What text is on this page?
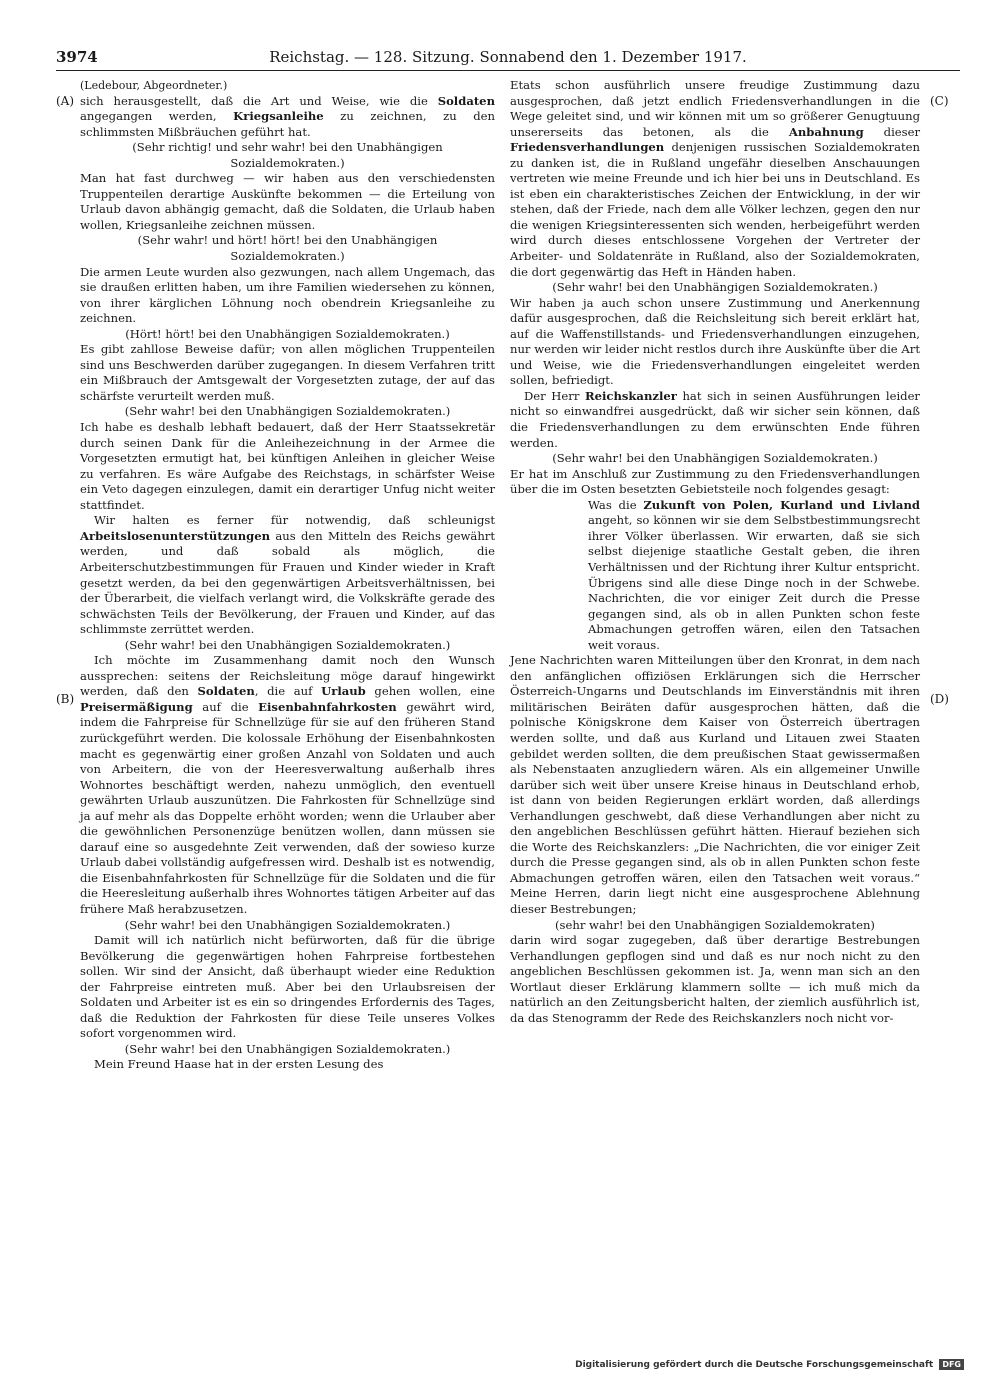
3974	Reichstag. — 128. Sitzung. Sonnabend den 1. Dezember 1917.
(A)
(B)
(C)
(D)

(Ledebour, Abgeordneter.)

sich herausgestellt, daß die Art und Weise, wie die Soldaten angegangen werden, Kriegsanleihe zu zeichnen, zu den schlimmsten Mißbräuchen geführt hat.

(Sehr richtig! und sehr wahr! bei den Unabhängigen Sozialdemokraten.)

Man hat fast durchweg — wir haben aus den verschiedensten Truppenteilen derartige Auskünfte bekommen — die Erteilung von Urlaub davon abhängig gemacht, daß die Soldaten, die Urlaub haben wollen, Kriegsanleihe zeichnen müssen.

(Sehr wahr! und hört! hört! bei den Unabhängigen Sozialdemokraten.)

Die armen Leute wurden also gezwungen, nach allem Ungemach, das sie draußen erlitten haben, um ihre Familien wiedersehen zu können, von ihrer kärglichen Löhnung noch obendrein Kriegsanleihe zu zeichnen.

(Hört! hört! bei den Unabhängigen Sozialdemokraten.)

Es gibt zahllose Beweise dafür; von allen möglichen Truppenteilen sind uns Beschwerden darüber zugegangen. In diesem Verfahren tritt ein Mißbrauch der Amtsgewalt der Vorgesetzten zutage, der auf das schärfste verurteilt werden muß.

(Sehr wahr! bei den Unabhängigen Sozialdemokraten.)

Ich habe es deshalb lebhaft bedauert, daß der Herr Staatssekretär durch seinen Dank für die Anleihezeichnung in der Armee die Vorgesetzten ermutigt hat, bei künftigen Anleihen in gleicher Weise zu verfahren. Es wäre Aufgabe des Reichstags, in schärfster Weise ein Veto dagegen einzulegen, damit ein derartiger Unfug nicht weiter stattfindet.

Wir halten es ferner für notwendig, daß schleunigst Arbeitslosenunterstützungen aus den Mitteln des Reichs gewährt werden, und daß sobald als möglich, die Arbeiterschutzbestimmungen für Frauen und Kinder wieder in Kraft gesetzt werden, da bei den gegenwärtigen Arbeitsverhältnissen, bei der Überarbeit, die vielfach verlangt wird, die Volkskräfte gerade des schwächsten Teils der Bevölkerung, der Frauen und Kinder, auf das schlimmste zerrüttet werden.

(Sehr wahr! bei den Unabhängigen Sozialdemokraten.)

Ich möchte im Zusammenhang damit noch den Wunsch aussprechen: seitens der Reichsleitung möge darauf hingewirkt werden, daß den Soldaten, die auf Urlaub gehen wollen, eine Preisermäßigung auf die Eisenbahnfahrkosten gewährt wird, indem die Fahrpreise für Schnellzüge für sie auf den früheren Stand zurückgeführt werden. Die kolossale Erhöhung der Eisenbahnkosten macht es gegenwärtig einer großen Anzahl von Soldaten und auch von Arbeitern, die von der Heeresverwaltung außerhalb ihres Wohnortes beschäftigt werden, nahezu unmöglich, den eventuell gewährten Urlaub auszunützen. Die Fahrkosten für Schnellzüge sind ja auf mehr als das Doppelte erhöht worden; wenn die Urlauber aber die gewöhnlichen Personenzüge benützen wollen, dann müssen sie darauf eine so ausgedehnte Zeit verwenden, daß der sowieso kurze Urlaub dabei vollständig aufgefressen wird. Deshalb ist es notwendig, die Eisenbahnfahrkosten für Schnellzüge für die Soldaten und die für die Heeresleitung außerhalb ihres Wohnortes tätigen Arbeiter auf das frühere Maß herabzusetzen.

(Sehr wahr! bei den Unabhängigen Sozialdemokraten.)

Damit will ich natürlich nicht befürworten, daß für die übrige Bevölkerung die gegenwärtigen hohen Fahrpreise fortbestehen sollen. Wir sind der Ansicht, daß überhaupt wieder eine Reduktion der Fahrpreise eintreten muß. Aber bei den Urlaubsreisen der Soldaten und Arbeiter ist es ein so dringendes Erfordernis des Tages, daß die Reduktion der Fahrkosten für diese Teile unseres Volkes sofort vorgenommen wird.

(Sehr wahr! bei den Unabhängigen Sozialdemokraten.)

Mein Freund Haase hat in der ersten Lesung des

Etats schon ausführlich unsere freudige Zustimmung dazu ausgesprochen, daß jetzt endlich Friedensverhandlungen in die Wege geleitet sind, und wir können mit um so größerer Genugtuung unsererseits das betonen, als die Anbahnung dieser Friedensverhandlungen denjenigen russischen Sozialdemokraten zu danken ist, die in Rußland ungefähr dieselben Anschauungen vertreten wie meine Freunde und ich hier bei uns in Deutschland. Es ist eben ein charakteristisches Zeichen der Entwicklung, in der wir stehen, daß der Friede, nach dem alle Völker lechzen, gegen den nur die wenigen Kriegsinteressenten sich wenden, herbeigeführt werden wird durch dieses entschlossene Vorgehen der Vertreter der Arbeiter- und Soldatenräte in Rußland, also der Sozialdemokraten, die dort gegenwärtig das Heft in Händen haben.

(Sehr wahr! bei den Unabhängigen Sozialdemokraten.)

Wir haben ja auch schon unsere Zustimmung und Anerkennung dafür ausgesprochen, daß die Reichsleitung sich bereit erklärt hat, auf die Waffenstillstands- und Friedensverhandlungen einzugehen, nur werden wir leider nicht restlos durch ihre Auskünfte über die Art und Weise, wie die Friedensverhandlungen eingeleitet werden sollen, befriedigt.

Der Herr Reichskanzler hat sich in seinen Ausführungen leider nicht so einwandfrei ausgedrückt, daß wir sicher sein können, daß die Friedensverhandlungen zu dem erwünschten Ende führen werden.

(Sehr wahr! bei den Unabhängigen Sozialdemokraten.)

Er hat im Anschluß zur Zustimmung zu den Friedensverhandlungen über die im Osten besetzten Gebietsteile noch folgendes gesagt:

Was die Zukunft von Polen, Kurland und Livland angeht, so können wir sie dem Selbstbestimmungsrecht ihrer Völker überlassen. Wir erwarten, daß sie sich selbst diejenige staatliche Gestalt geben, die ihren Verhältnissen und der Richtung ihrer Kultur entspricht. Übrigens sind alle diese Dinge noch in der Schwebe. Nachrichten, die vor einiger Zeit durch die Presse gegangen sind, als ob in allen Punkten schon feste Abmachungen getroffen wären, eilen den Tatsachen weit voraus.

Jene Nachrichten waren Mitteilungen über den Kronrat, in dem nach den anfänglichen offiziösen Erklärungen sich die Herrscher Österreich-Ungarns und Deutschlands im Einverständnis mit ihren militärischen Beiräten dafür ausgesprochen hätten, daß die polnische Königskrone dem Kaiser von Österreich übertragen werden sollte, und daß aus Kurland und Litauen zwei Staaten gebildet werden sollten, die dem preußischen Staat gewissermaßen als Nebenstaaten anzugliedern wären. Als ein allgemeiner Unwille darüber sich weit über unsere Kreise hinaus in Deutschland erhob, ist dann von beiden Regierungen erklärt worden, daß allerdings Verhandlungen geschwebt, daß diese Verhandlungen aber nicht zu den angeblichen Beschlüssen geführt hätten. Hierauf beziehen sich die Worte des Reichskanzlers: „Die Nachrichten, die vor einiger Zeit durch die Presse gegangen sind, als ob in allen Punkten schon feste Abmachungen getroffen wären, eilen den Tatsachen weit voraus.“ Meine Herren, darin liegt nicht eine ausgesprochene Ablehnung dieser Bestrebungen;

(sehr wahr! bei den Unabhängigen Sozialdemokraten)

darin wird sogar zugegeben, daß über derartige Bestrebungen Verhandlungen gepflogen sind und daß es nur noch nicht zu den angeblichen Beschlüssen gekommen ist. Ja, wenn man sich an den Wortlaut dieser Erklärung klammern sollte — ich muß mich da natürlich an den Zeitungsbericht halten, der ziemlich ausführlich ist, da das Stenogramm der Rede des Reichskanzlers noch nicht vor-

Digitalisierung gefördert durch die Deutsche Forschungsgemeinschaft DFG
